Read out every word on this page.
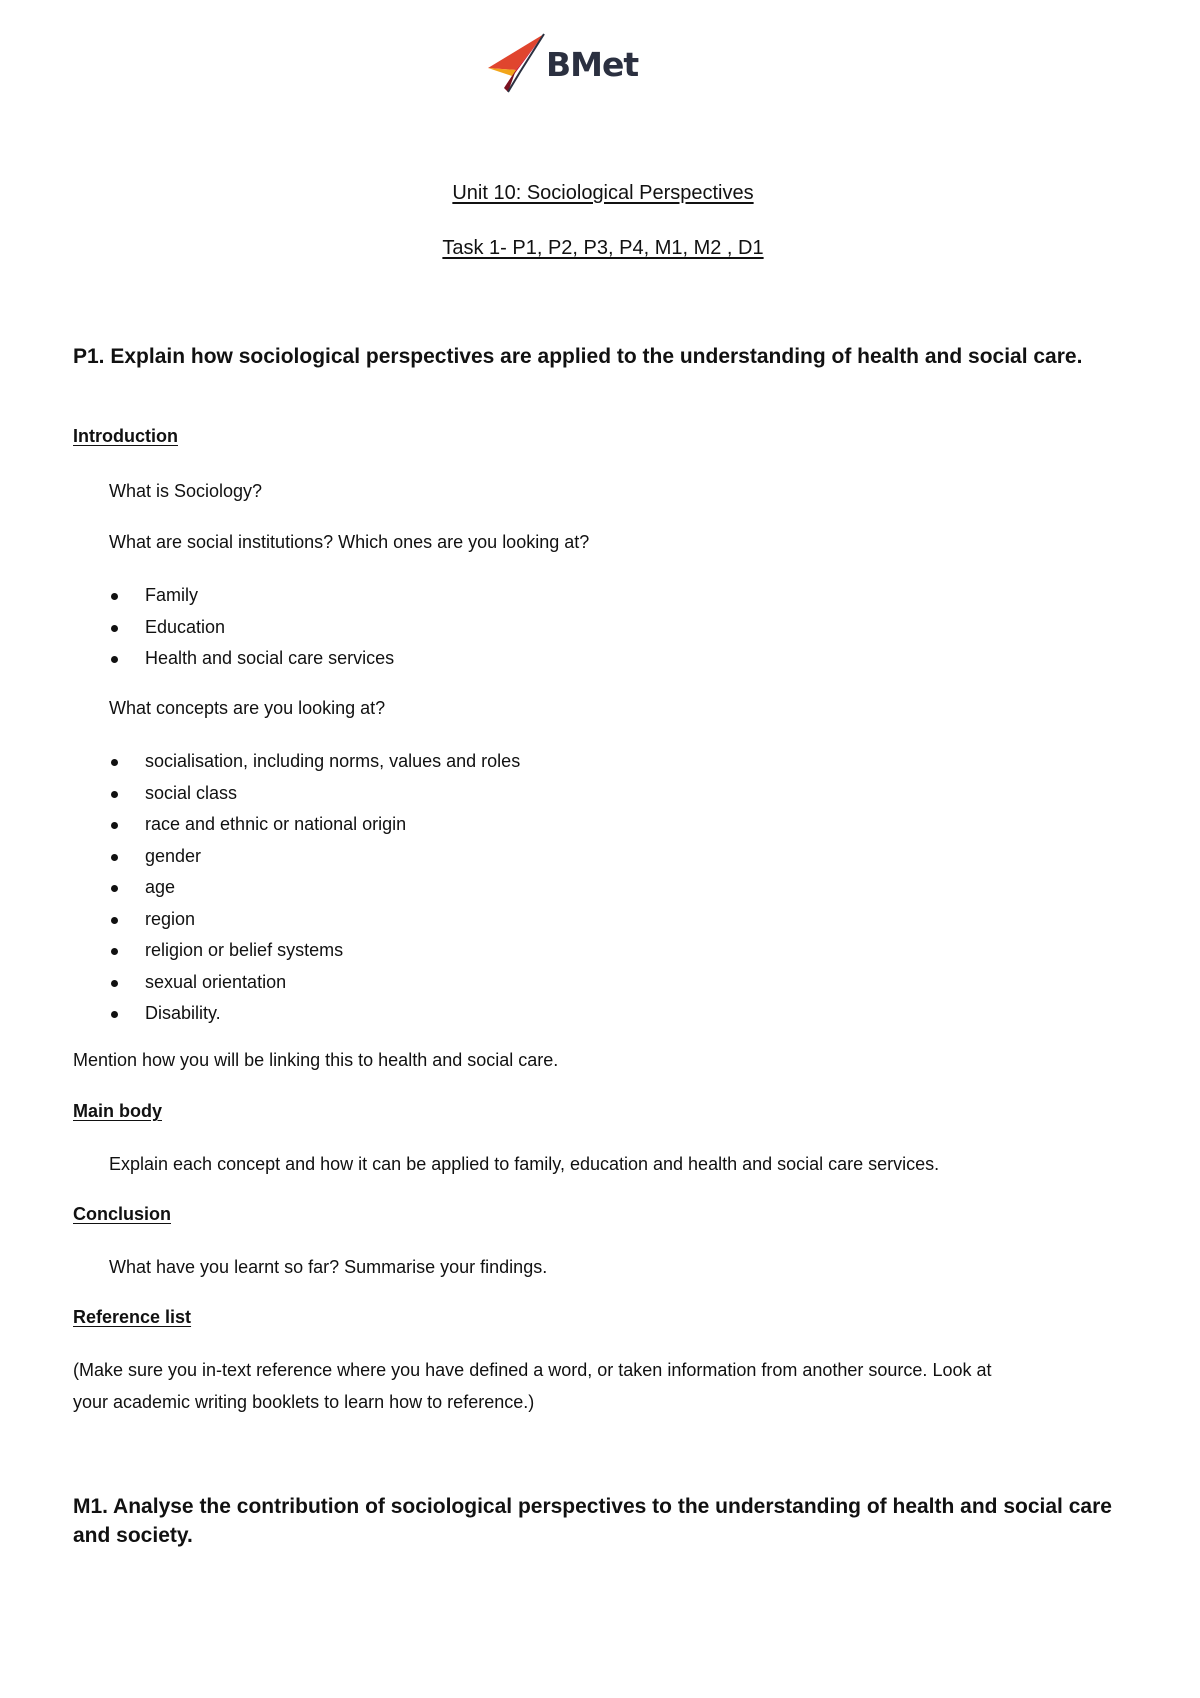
BMet
Unit 10: Sociological Perspectives
Task 1- P1, P2, P3, P4, M1, M2 , D1
P1. Explain how sociological perspectives are applied to the understanding of health and social care.
Introduction
What is Sociology?
What are social institutions? Which ones are you looking at?
Family
Education
Health and social care services
What concepts are you looking at?
socialisation, including norms, values and roles
social class
race and ethnic or national origin
gender
age
region
religion or belief systems
sexual orientation
Disability.
Mention how you will be linking this to health and social care.
Main body
Explain each concept and how it can be applied to family, education and health and social care services.
Conclusion
What have you learnt so far? Summarise your findings.
Reference list
(Make sure you in-text reference where you have defined a word, or taken information from another source. Look at
your academic writing booklets to learn how to reference.)
M1. Analyse the contribution of sociological perspectives to the understanding of health and social care
and society.
